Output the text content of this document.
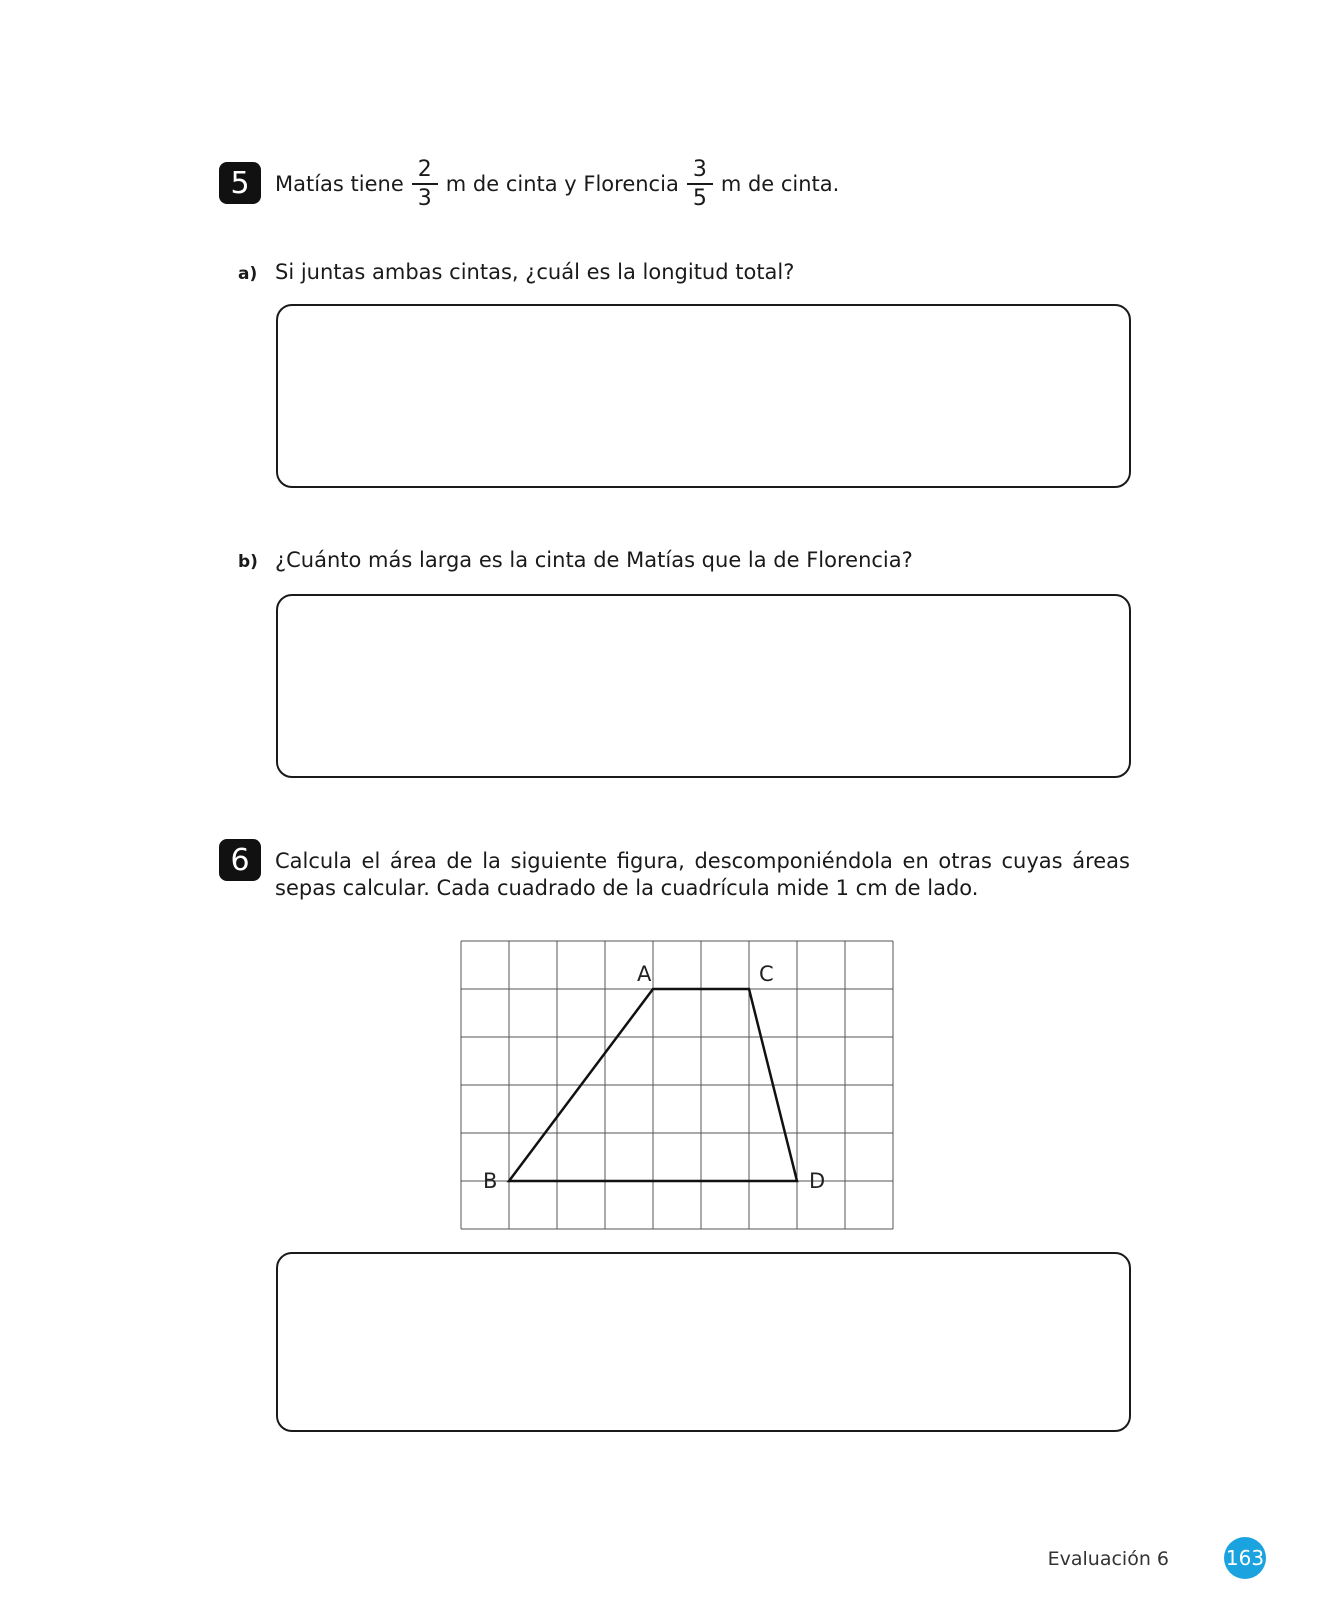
5	Matías tiene $\frac{2}{3}$ m de cinta y Florencia $\frac{3}{5}$ m de cinta.
a) Si juntas ambas cintas, ¿cuál es la longitud total?
b) ¿Cuánto más larga es la cinta de Matías que la de Florencia?
6	Calcula el área de la siguiente figura, descomponiéndola en otras cuyas áreas sepas calcular. Cada cuadrado de la cuadrícula mide 1 cm de lado.
A	C
D
B
Evaluación 6	163
